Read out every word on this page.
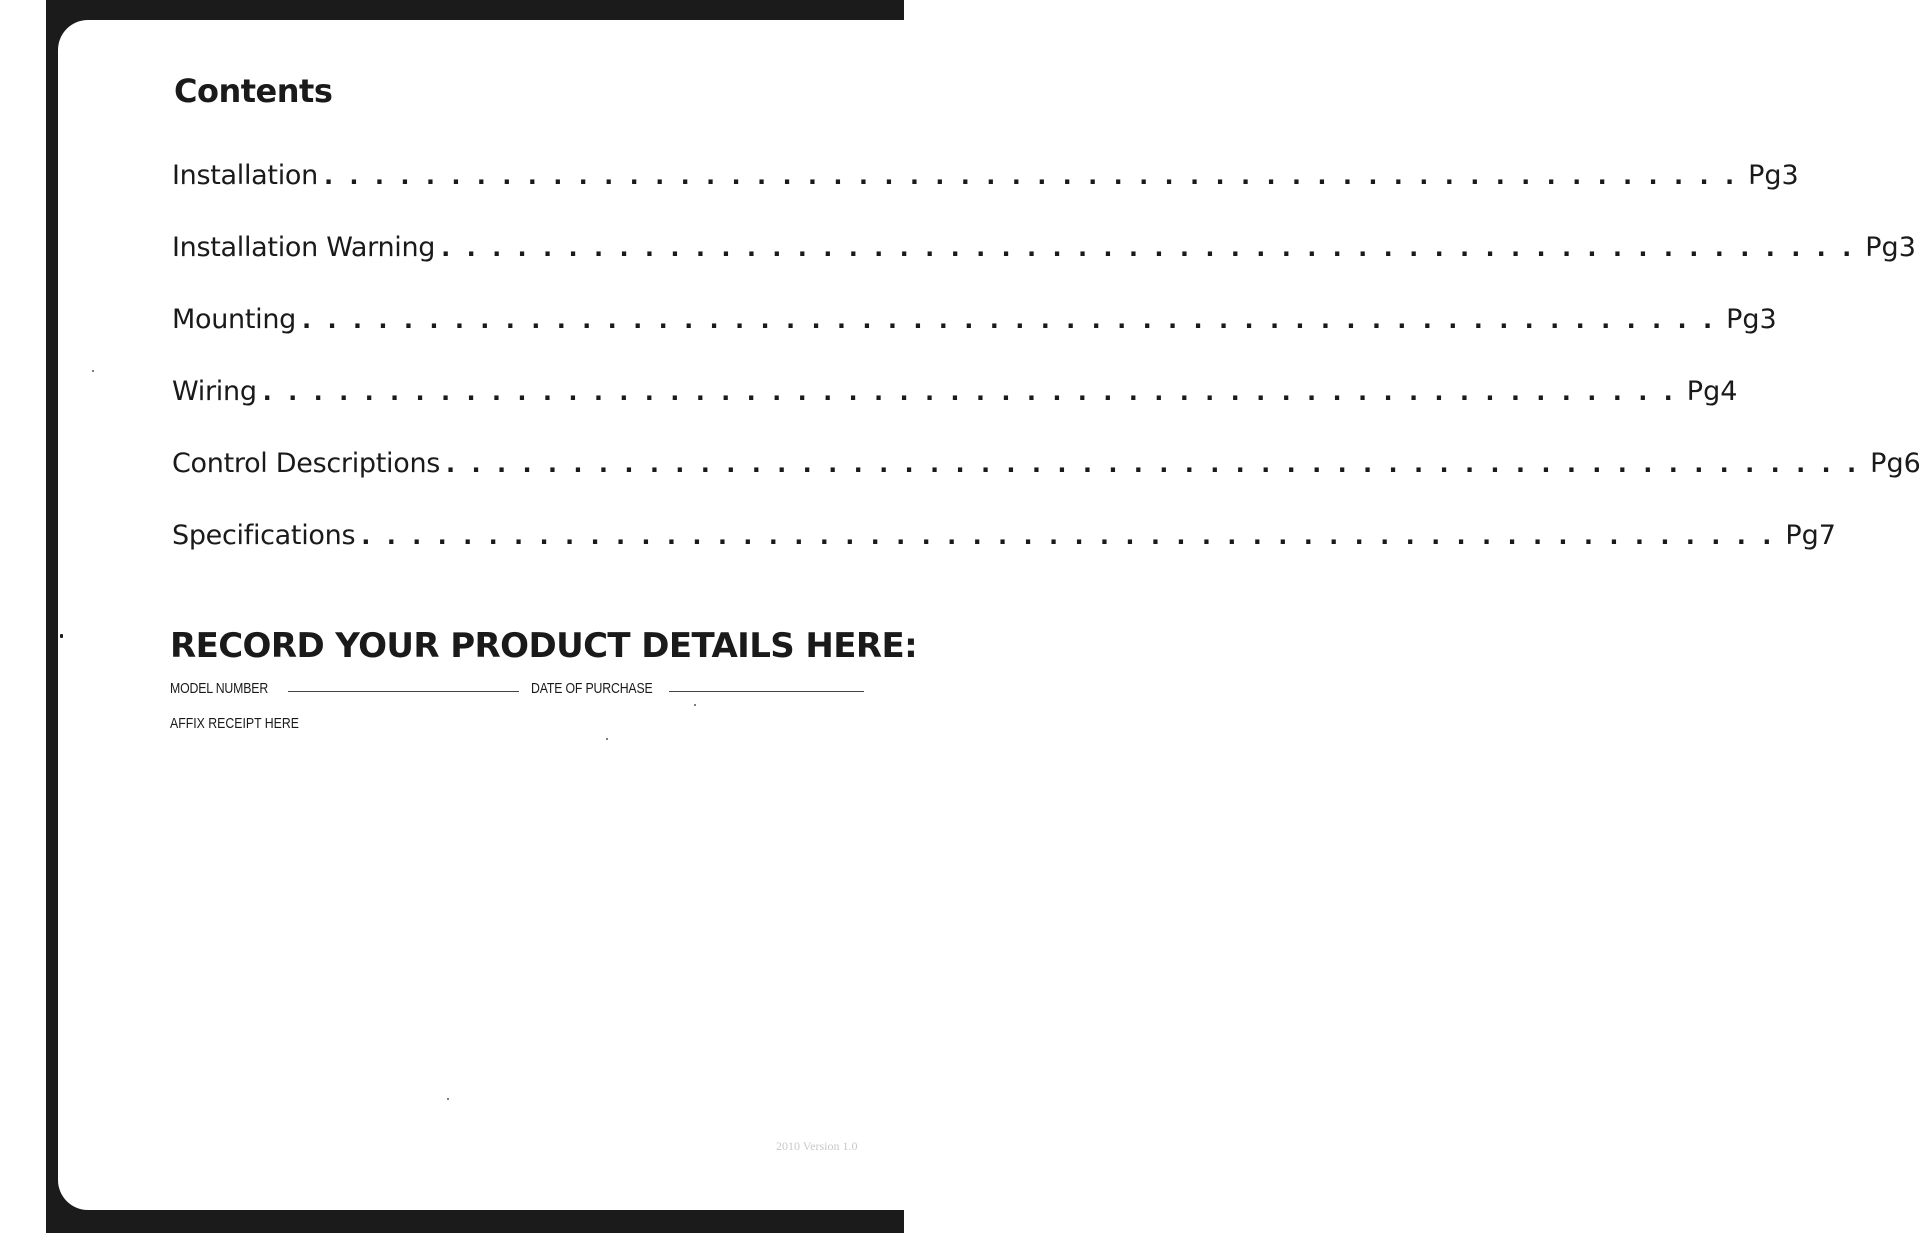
Contents
Installation . . . . . . . . . . . . . . . . . . . . . . . . . . . . . . . . . . . . . . . . . . . . . . . . . . . . . . . . Pg 3
Installation Warning . . . . . . . . . . . . . . . . . . . . . . . . . . . . . . . . . . . . . . . . . . . . . . . . . . . . . . . . Pg 3
Mounting . . . . . . . . . . . . . . . . . . . . . . . . . . . . . . . . . . . . . . . . . . . . . . . . . . . . . . . . Pg 3
Wiring . . . . . . . . . . . . . . . . . . . . . . . . . . . . . . . . . . . . . . . . . . . . . . . . . . . . . . . . Pg 4
Control Descriptions . . . . . . . . . . . . . . . . . . . . . . . . . . . . . . . . . . . . . . . . . . . . . . . . . . . . . . . . Pg 6
Specifications . . . . . . . . . . . . . . . . . . . . . . . . . . . . . . . . . . . . . . . . . . . . . . . . . . . . . . . . Pg 7
RECORD YOUR PRODUCT DETAILS HERE:
MODEL NUMBER	DATE OF PURCHASE
AFFIX RECEIPT HERE
2010 Version 1.0
